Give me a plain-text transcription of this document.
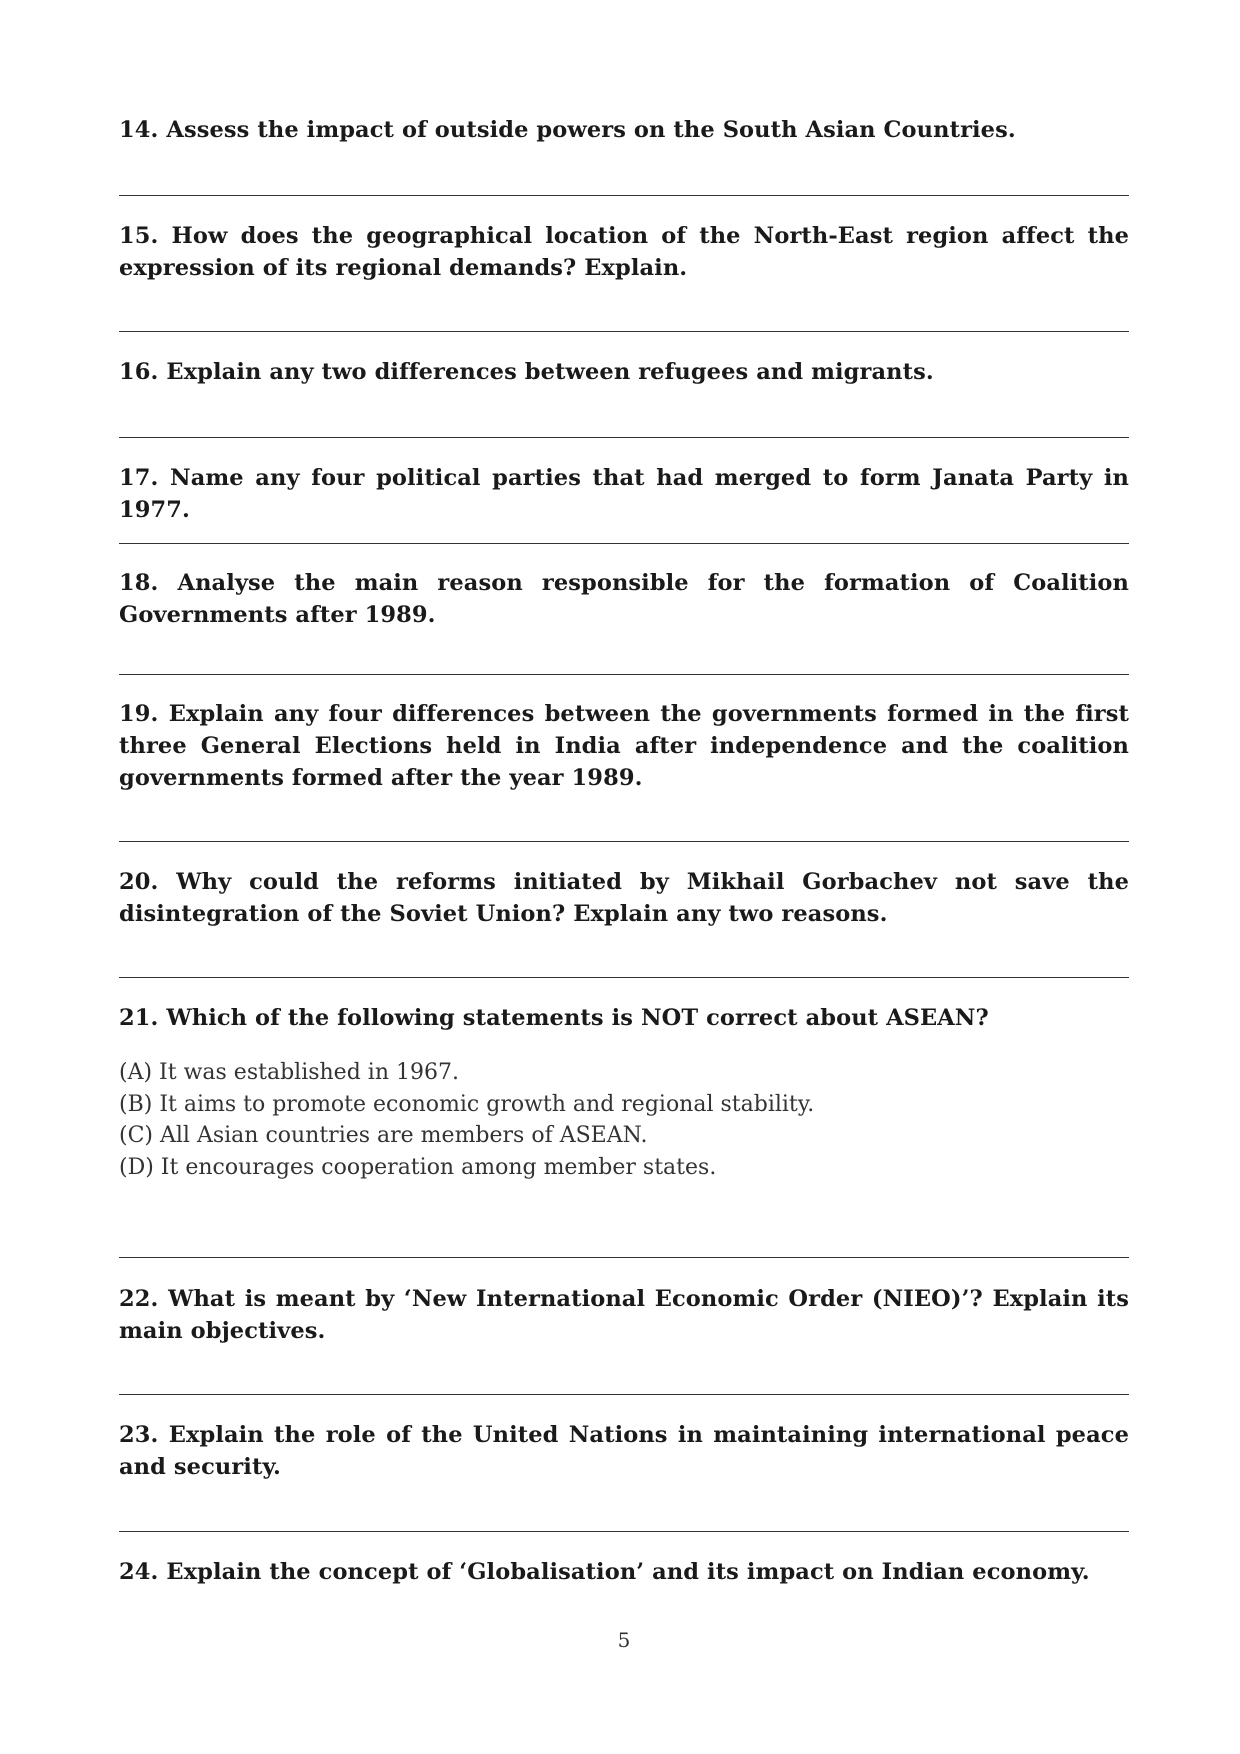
14. Assess the impact of outside powers on the South Asian Countries.
15. How does the geographical location of the North-East region affect the expression of its regional demands? Explain.
16. Explain any two differences between refugees and migrants.
17. Name any four political parties that had merged to form Janata Party in 1977.
18. Analyse the main reason responsible for the formation of Coalition Governments after 1989.
19. Explain any four differences between the governments formed in the first three General Elections held in India after independence and the coalition governments formed after the year 1989.
20. Why could the reforms initiated by Mikhail Gorbachev not save the disintegration of the Soviet Union? Explain any two reasons.
21. Which of the following statements is NOT correct about ASEAN?
(A) It was established in 1967.
(B) It aims to promote economic growth and regional stability.
(C) All Asian countries are members of ASEAN.
(D) It encourages cooperation among member states.
22. What is meant by ‘New International Economic Order (NIEO)’? Explain its main objectives.
23. Explain the role of the United Nations in maintaining international peace and security.
24. Explain the concept of ‘Globalisation’ and its impact on Indian economy.
5
